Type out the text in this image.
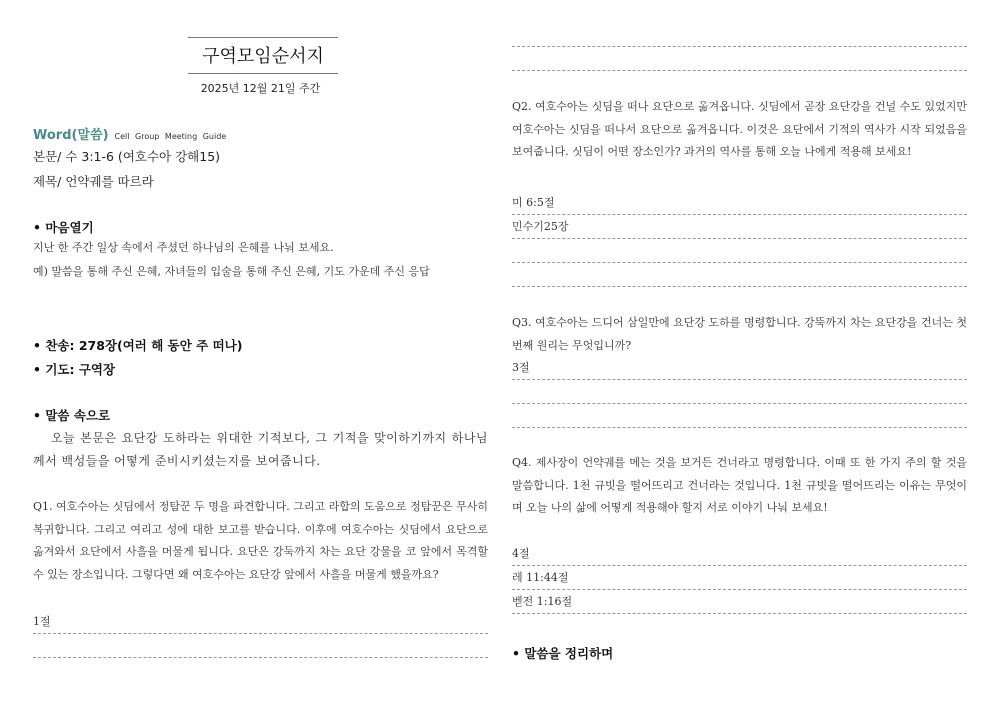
구역모임순서지
2025년 12월 21일 주간
Word(말씀) Cell Group Meeting Guide
본문/ 수 3:1-6 (여호수아 강해15)
제목/ 언약궤를 따르라
• 마음열기
지난 한 주간 일상 속에서 주셨던 하나님의 은혜를 나눠 보세요.
예) 말씀을 통해 주신 은혜, 자녀들의 입술을 통해 주신 은혜, 기도 가운데 주신 응답
• 찬송: 278장(여러 해 동안 주 떠나)
• 기도: 구역장
• 말씀 속으로
오늘 본문은 요단강 도하라는 위대한 기적보다, 그 기적을 맞이하기까지 하나님께서 백성들을 어떻게 준비시키셨는지를 보여줍니다.
Q1. 여호수아는 싯딤에서 정탐꾼 두 명을 파견합니다. 그리고 라합의 도움으로 정탐꾼은 무사히 복귀합니다. 그리고 여리고 성에 대한 보고를 받습니다. 이후에 여호수아는 싯딤에서 요단으로 옮겨와서 요단에서 사흘을 머물게 됩니다. 요단은 강둑까지 차는 요단 강물을 코 앞에서 목격할 수 있는 장소입니다. 그렇다면 왜 여호수아는 요단강 앞에서 사흘을 머물게 했을까요?
1절
Q2. 여호수아는 싯딤을 떠나 요단으로 옮겨옵니다. 싯딤에서 곧장 요단강을 건널 수도 있었지만 여호수아는 싯딤을 떠나서 요단으로 옮겨옵니다. 이것은 요단에서 기적의 역사가 시작 되었음을 보여줍니다. 싯딤이 어떤 장소인가? 과거의 역사를 통해 오늘 나에게 적용해 보세요!
미 6:5절
민수기25장
Q3. 여호수아는 드디어 삼일만에 요단강 도하를 명령합니다. 강뚝까지 차는 요단강을 건너는 첫 번째 원리는 무엇입니까?
3절
Q4. 제사장이 언약궤를 메는 것을 보거든 건너라고 명령합니다. 이때 또 한 가지 주의 할 것을 말씀합니다. 1천 규빗을 떨어뜨리고 건너라는 것입니다. 1천 규빗을 떨어뜨리는 이유는 무엇이며 오늘 나의 삶에 어떻게 적용해야 할지 서로 이야기 나눠 보세요!
4절
레 11:44절
벧전 1:16절
• 말씀을 정리하며
